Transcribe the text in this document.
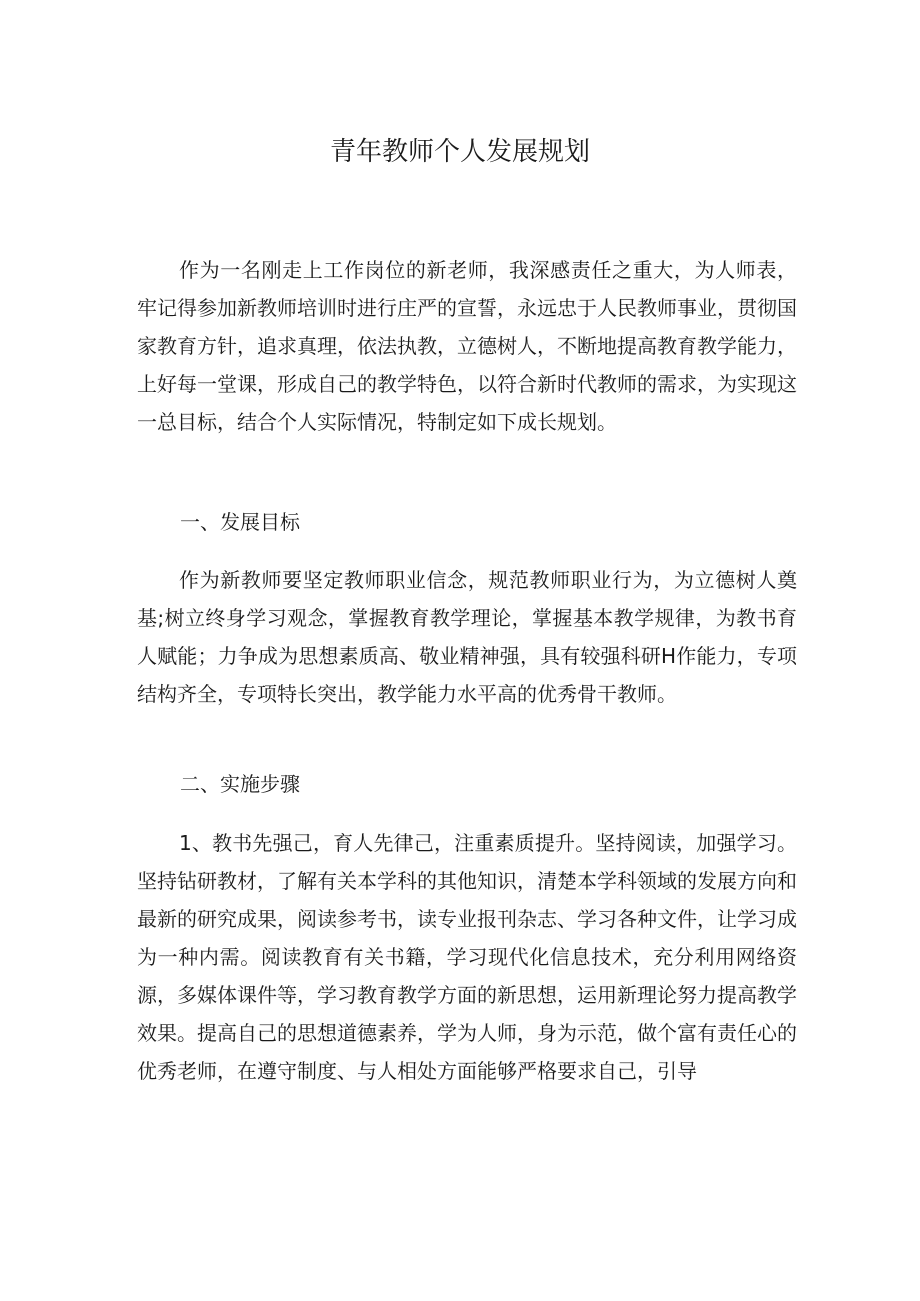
青年教师个人发展规划

作为一名刚走上工作岗位的新老师，我深感责任之重大，为人师表，牢记得参加新教师培训时进行庄严的宣誓，永远忠于人民教师事业，贯彻国家教育方针，追求真理，依法执教，立德树人，不断地提高教育教学能力，上好每一堂课，形成自己的教学特色，以符合新时代教师的需求，为实现这一总目标，结合个人实际情况，特制定如下成长规划。

一、发展目标

作为新教师要坚定教师职业信念，规范教师职业行为，为立德树人奠基;树立终身学习观念，掌握教育教学理论，掌握基本教学规律，为教书育人赋能；力争成为思想素质高、敬业精神强，具有较强科研H作能力，专项结构齐全，专项特长突出，教学能力水平高的优秀骨干教师。

二、实施步骤

1、教书先强己，育人先律己，注重素质提升。坚持阅读，加强学习。坚持钻研教材，了解有关本学科的其他知识，清楚本学科领域的发展方向和最新的研究成果，阅读参考书，读专业报刊杂志、学习各种文件，让学习成为一种内需。阅读教育有关书籍，学习现代化信息技术，充分利用网络资源，多媒体课件等，学习教育教学方面的新思想，运用新理论努力提高教学效果。提高自己的思想道德素养，学为人师，身为示范，做个富有责任心的优秀老师，在遵守制度、与人相处方面能够严格要求自己，引导
